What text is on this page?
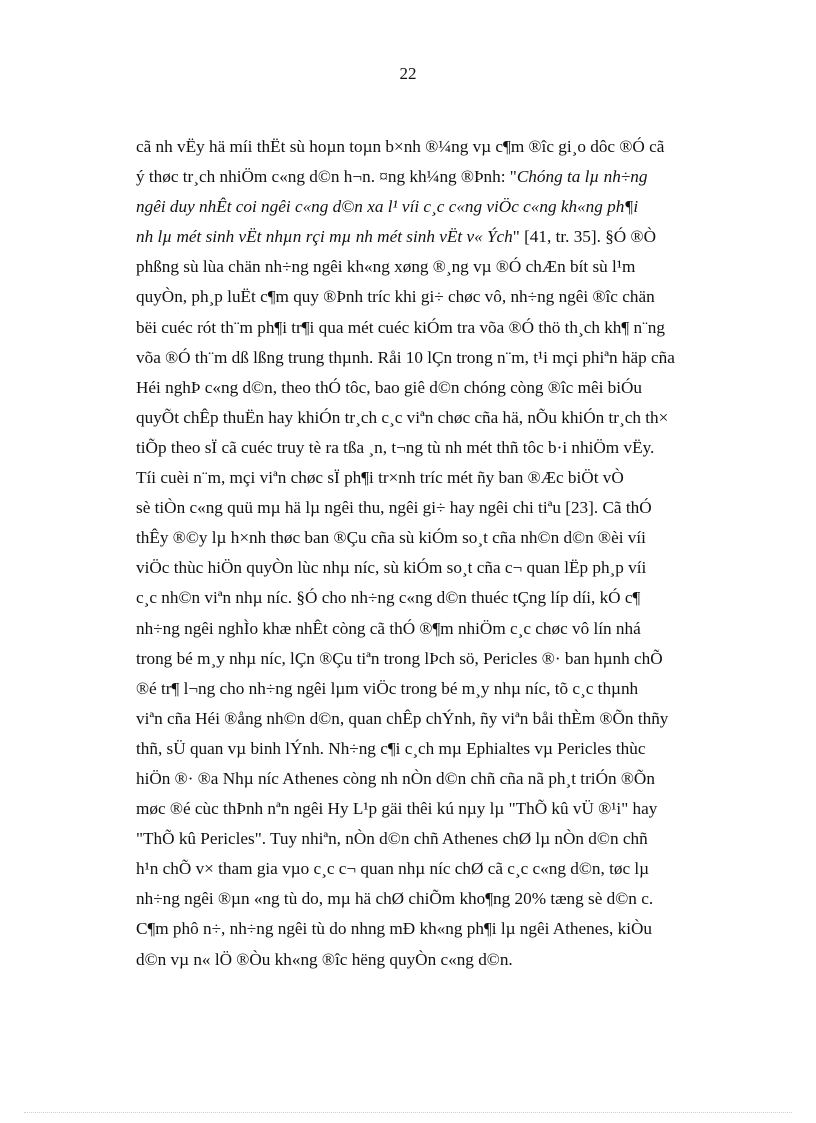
22

cã nh vËy hä míi thËt sù hoµn toµn b×nh ®¼ng vµ c¶m ®îc gi¸o dôc ®Ó cã
ý thøc tr¸ch nhiÖm c«ng d©n h¬n. ¤ng kh¼ng ®Þnh: "Chóng ta lµ nh÷ng
ngêi duy nhÊt coi ngêi c«ng d©n xa l¹ víi c¸c c«ng viÖc c«ng kh«ng ph¶i
nh lµ mét sinh vËt nhµn rçi mµ nh mét sinh vËt v« Ých" [41, tr. 35]. §Ó ®Ò
phßng sù lùa chän nh÷ng ngêi kh«ng xøng ®¸ng vµ ®Ó chÆn bít sù l¹m
quyÒn, ph¸p luËt c¶m quy ®Þnh tríc khi gi÷ chøc vô, nh÷ng ngêi ®îc chän
bëi cuéc rót th¨m ph¶i tr¶i qua mét cuéc kiÓm tra võa ®Ó thö th¸ch kh¶ n¨ng
võa ®Ó th¨m dß lßng trung thµnh. Råi 10 lÇn trong n¨m, t¹i mçi phiªn häp cña
Héi nghÞ c«ng d©n, theo thÓ tôc, bao giê d©n chóng còng ®îc mêi biÓu
quyÕt chÊp thuËn hay khiÓn tr¸ch c¸c viªn chøc cña hä, nÕu khiÓn tr¸ch th×
tiÕp theo sÏ cã cuéc truy tè ra tßa ¸n, t¬ng tù nh mét thñ tôc b·i nhiÖm vËy.
Tíi cuèi n¨m, mçi viªn chøc sÏ ph¶i tr×nh tríc mét ñy ban ®Æc biÖt vÒ
sè tiÒn c«ng quü mµ hä lµ ngêi thu, ngêi gi÷ hay ngêi chi tiªu [23]. Cã thÓ
thÊy ®©y lµ h×nh thøc ban ®Çu cña sù kiÓm so¸t cña nh©n d©n ®èi víi
viÖc thùc hiÖn quyÒn lùc nhµ níc, sù kiÓm so¸t cña c¬ quan lËp ph¸p víi
c¸c nh©n viªn nhµ níc. §Ó cho nh÷ng c«ng d©n thuéc tÇng líp díi, kÓ c¶
nh÷ng ngêi nghÌo khæ nhÊt còng cã thÓ ®¶m nhiÖm c¸c chøc vô lín nhá
trong bé m¸y nhµ níc, lÇn ®Çu tiªn trong lÞch sö, Pericles ®· ban hµnh chÕ
®é tr¶ l¬ng cho nh÷ng ngêi lµm viÖc trong bé m¸y nhµ níc, tõ c¸c thµnh
viªn cña Héi ®ång nh©n d©n, quan chÊp chÝnh, ñy viªn båi thÈm ®Õn thñy
thñ, sÜ quan vµ binh lÝnh. Nh÷ng c¶i c¸ch mµ Ephialtes vµ Pericles thùc
hiÖn ®· ®a Nhµ níc Athenes còng nh nÒn d©n chñ cña nã ph¸t triÓn ®Õn
møc ®é cùc thÞnh nªn ngêi Hy L¹p gäi thêi kú nµy lµ "ThÕ kû vÜ ®¹i" hay
"ThÕ kû Pericles". Tuy nhiªn, nÒn d©n chñ Athenes chØ lµ nÒn d©n chñ
h¹n chÕ v× tham gia vµo c¸c c¬ quan nhµ níc chØ cã c¸c c«ng d©n, tøc lµ
nh÷ng ngêi ®µn «ng tù do, mµ hä chØ chiÕm kho¶ng 20% tæng sè d©n c.
C¶m phô n÷, nh÷ng ngêi tù do nhng mÐ kh«ng ph¶i lµ ngêi Athenes, kiÒu
d©n vµ n« lÖ ®Òu kh«ng ®îc hëng quyÒn c«ng d©n.
